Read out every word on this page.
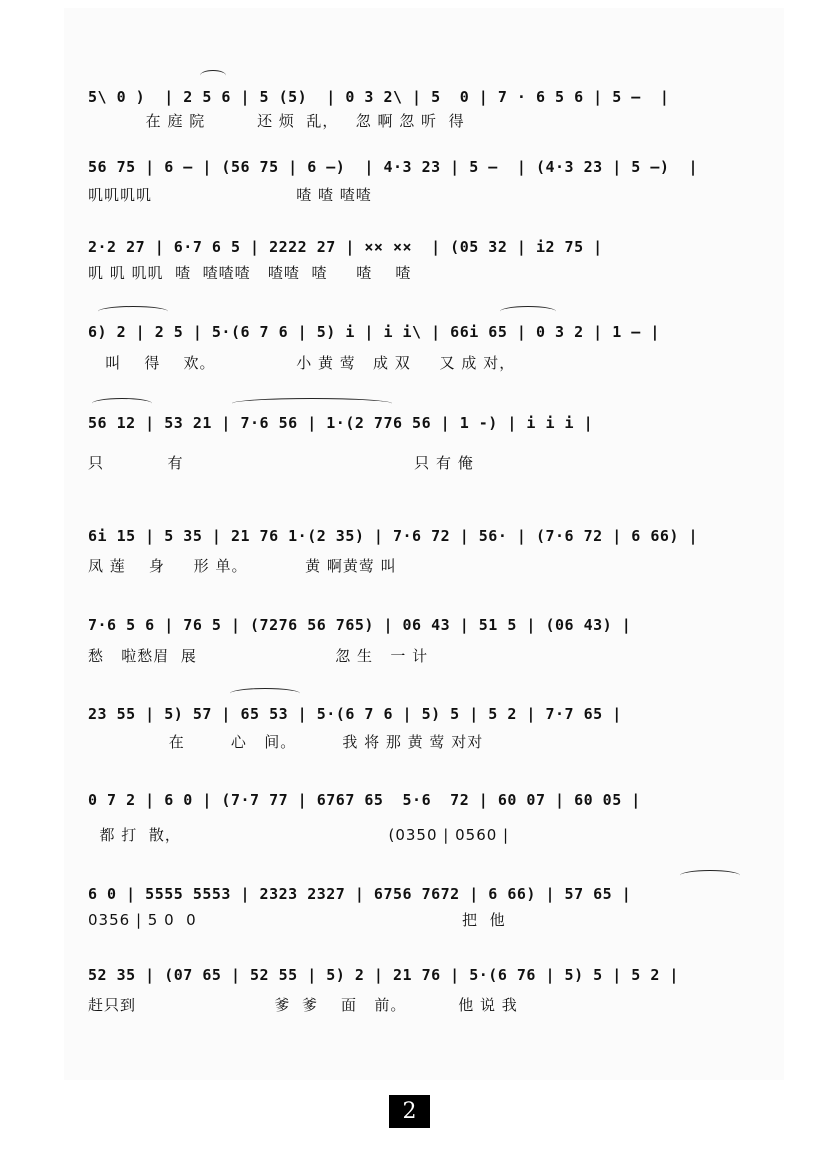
5\ 0 )  | 2 5 6 | 5 (5)  | 0 3 2\ | 5  0 | 7 · 6 5 6 | 5 —  |
在 庭 院         还 烦  乱，   忽 啊 忽 听  得
56 75 | 6 — | (56 75 | 6 —)  | 4·3 23 | 5 —  | (4·3 23 | 5 —)  |
叽叽叽叽                         喳 喳 喳喳
2·2 27 | 6·7 6 5 | 2222 27 | ×× ××  | (05 32 | i2 75 |
叽 叽 叽叽  喳  喳喳喳   喳喳  喳     喳    喳
6) 2 | 2 5 | 5·(6 7 6 | 5) i | i i\ | 66i 65 | 0 3 2 | 1 — |
叫    得    欢。              小 黄 莺   成 双     又 成 对，
56 12 | 53 21 | 7·6 56 | 1·(2 776 56 | 1 -) | i i i |
只           有                                        只 有 俺
6i 15 | 5 35 | 21 76 1·(2 35) | 7·6 72 | 56· | (7·6 72 | 6 66) |
凤 莲    身     形 单。          黄 啊黄莺 叫
7·6 5 6 | 76 5 | (7276 56 765) | 06 43 | 51 5 | (06 43) |
愁   啦愁眉  展                        忽 生   一 计
23 55 | 5) 57 | 65 53 | 5·(6 7 6 | 5) 5 | 5 2 | 7·7 65 |
在        心   间。        我 将 那 黄 莺 对对
0 7 2 | 6 0 | (7·7 77 | 6767 65  5·6  72 | 60 07 | 60 05 |
都 打  散，                                    (0350 | 0560 |
6 0 | 5555 5553 | 2323 2327 | 6756 7672 | 6 66) | 57 65 |
0356 | 5 0  0                                              把  他
52 35 | (07 65 | 52 55 | 5) 2 | 21 76 | 5·(6 76 | 5) 5 | 5 2 |
赶只到                        爹  爹    面   前。         他 说 我
2
